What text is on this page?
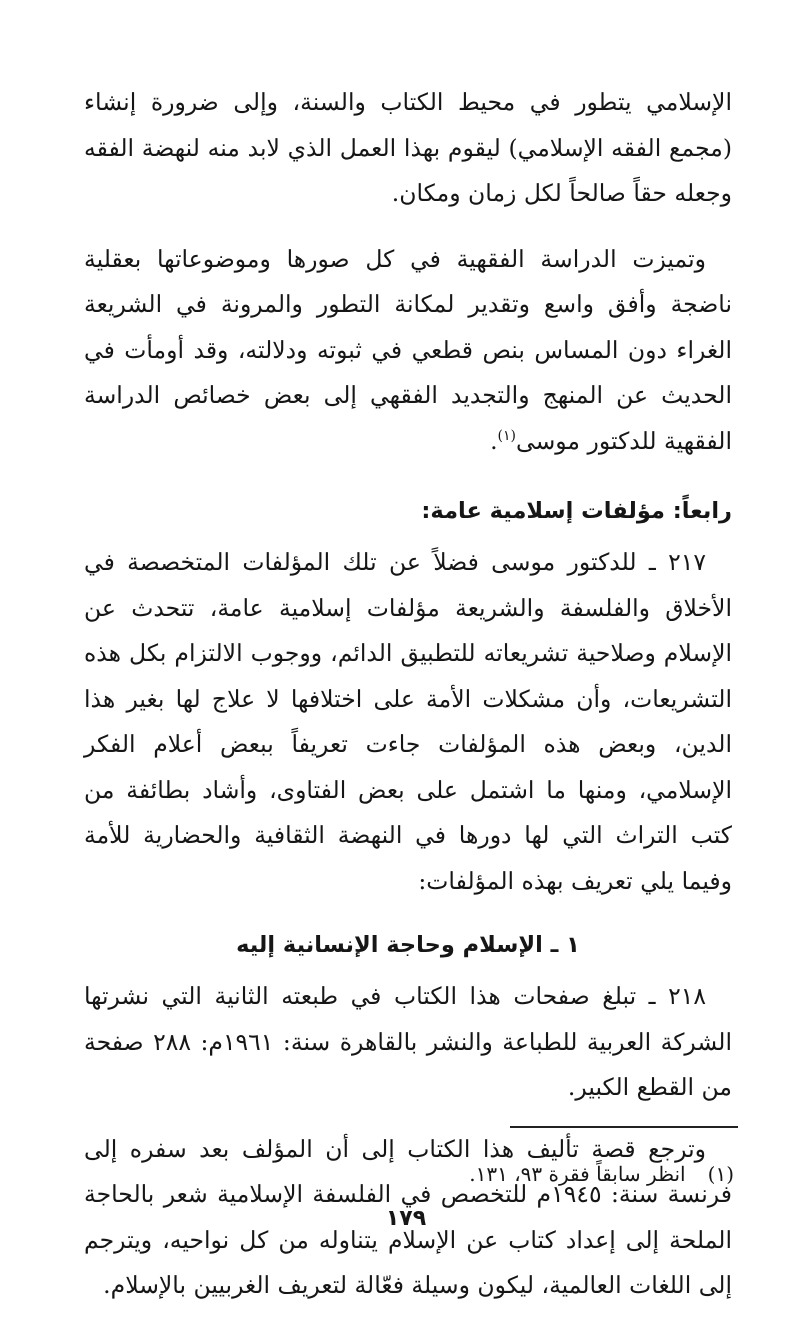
الإسلامي يتطور في محيط الكتاب والسنة، وإلى ضرورة إنشاء (مجمع الفقه الإسلامي) ليقوم بهذا العمل الذي لابد منه لنهضة الفقه وجعله حقاً صالحاً لكل زمان ومكان.

وتميزت الدراسة الفقهية في كل صورها وموضوعاتها بعقلية ناضجة وأفق واسع وتقدير لمكانة التطور والمرونة في الشريعة الغراء دون المساس بنص قطعي في ثبوته ودلالته، وقد أومأت في الحديث عن المنهج والتجديد الفقهي إلى بعض خصائص الدراسة الفقهية للدكتور موسى$^{(١)}$.

رابعاً: مؤلفات إسلامية عامة:

٢١٧ ـ للدكتور موسى فضلاً عن تلك المؤلفات المتخصصة في الأخلاق والفلسفة والشريعة مؤلفات إسلامية عامة، تتحدث عن الإسلام وصلاحية تشريعاته للتطبيق الدائم، ووجوب الالتزام بكل هذه التشريعات، وأن مشكلات الأمة على اختلافها لا علاج لها بغير هذا الدين، وبعض هذه المؤلفات جاءت تعريفاً ببعض أعلام الفكر الإسلامي، ومنها ما اشتمل على بعض الفتاوى، وأشاد بطائفة من كتب التراث التي لها دورها في النهضة الثقافية والحضارية للأمة وفيما يلي تعريف بهذه المؤلفات:

١ ـ الإسلام وحاجة الإنسانية إليه

٢١٨ ـ تبلغ صفحات هذا الكتاب في طبعته الثانية التي نشرتها الشركة العربية للطباعة والنشر بالقاهرة سنة: ١٩٦١م: ٢٨٨ صفحة من القطع الكبير.

وترجع قصة تأليف هذا الكتاب إلى أن المؤلف بعد سفره إلى فرنسة سنة: ١٩٤٥م للتخصص في الفلسفة الإسلامية شعر بالحاجة الملحة إلى إعداد كتاب عن الإسلام يتناوله من كل نواحيه، ويترجم إلى اللغات العالمية، ليكون وسيلة فعّالة لتعريف الغربيين بالإسلام.

(١)انظر سابقاً فقرة ٩٣، ١٣١.
١٧٩
